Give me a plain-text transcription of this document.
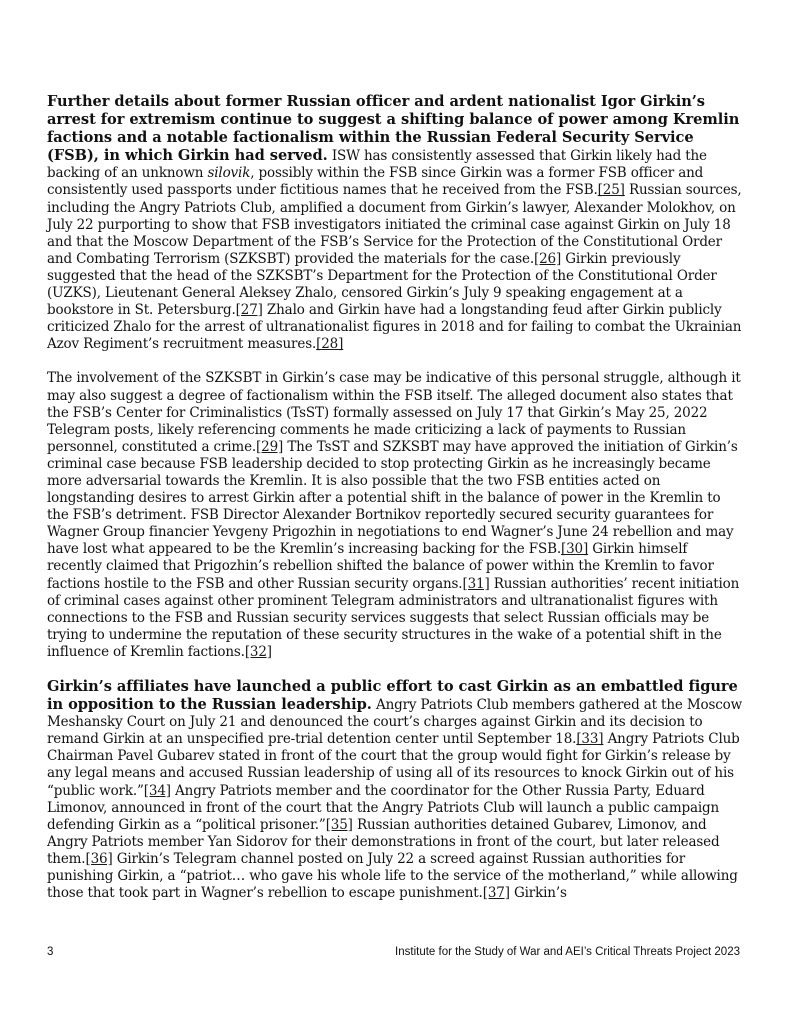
Further details about former Russian officer and ardent nationalist Igor Girkin’s arrest for extremism continue to suggest a shifting balance of power among Kremlin factions and a notable factionalism within the Russian Federal Security Service (FSB), in which Girkin had served. ISW has consistently assessed that Girkin likely had the backing of an unknown silovik, possibly within the FSB since Girkin was a former FSB officer and consistently used passports under fictitious names that he received from the FSB.[25] Russian sources, including the Angry Patriots Club, amplified a document from Girkin’s lawyer, Alexander Molokhov, on July 22 purporting to show that FSB investigators initiated the criminal case against Girkin on July 18 and that the Moscow Department of the FSB’s Service for the Protection of the Constitutional Order and Combating Terrorism (SZKSBT) provided the materials for the case.[26] Girkin previously suggested that the head of the SZKSBT’s Department for the Protection of the Constitutional Order (UZKS), Lieutenant General Aleksey Zhalo, censored Girkin’s July 9 speaking engagement at a bookstore in St. Petersburg.[27] Zhalo and Girkin have had a longstanding feud after Girkin publicly criticized Zhalo for the arrest of ultranationalist figures in 2018 and for failing to combat the Ukrainian Azov Regiment’s recruitment measures.[28]

The involvement of the SZKSBT in Girkin’s case may be indicative of this personal struggle, although it may also suggest a degree of factionalism within the FSB itself. The alleged document also states that the FSB’s Center for Criminalistics (TsST) formally assessed on July 17 that Girkin’s May 25, 2022 Telegram posts, likely referencing comments he made criticizing a lack of payments to Russian personnel, constituted a crime.[29] The TsST and SZKSBT may have approved the initiation of Girkin’s criminal case because FSB leadership decided to stop protecting Girkin as he increasingly became more adversarial towards the Kremlin. It is also possible that the two FSB entities acted on longstanding desires to arrest Girkin after a potential shift in the balance of power in the Kremlin to the FSB’s detriment. FSB Director Alexander Bortnikov reportedly secured security guarantees for Wagner Group financier Yevgeny Prigozhin in negotiations to end Wagner’s June 24 rebellion and may have lost what appeared to be the Kremlin’s increasing backing for the FSB.[30] Girkin himself recently claimed that Prigozhin’s rebellion shifted the balance of power within the Kremlin to favor factions hostile to the FSB and other Russian security organs.[31] Russian authorities’ recent initiation of criminal cases against other prominent Telegram administrators and ultranationalist figures with connections to the FSB and Russian security services suggests that select Russian officials may be trying to undermine the reputation of these security structures in the wake of a potential shift in the influence of Kremlin factions.[32]

Girkin’s affiliates have launched a public effort to cast Girkin as an embattled figure in opposition to the Russian leadership. Angry Patriots Club members gathered at the Moscow Meshansky Court on July 21 and denounced the court’s charges against Girkin and its decision to remand Girkin at an unspecified pre-trial detention center until September 18.[33] Angry Patriots Club Chairman Pavel Gubarev stated in front of the court that the group would fight for Girkin’s release by any legal means and accused Russian leadership of using all of its resources to knock Girkin out of his “public work.”[34] Angry Patriots member and the coordinator for the Other Russia Party, Eduard Limonov, announced in front of the court that the Angry Patriots Club will launch a public campaign defending Girkin as a “political prisoner.”[35] Russian authorities detained Gubarev, Limonov, and Angry Patriots member Yan Sidorov for their demonstrations in front of the court, but later released them.[36] Girkin’s Telegram channel posted on July 22 a screed against Russian authorities for punishing Girkin, a “patriot… who gave his whole life to the service of the motherland,” while allowing those that took part in Wagner’s rebellion to escape punishment.[37] Girkin’s

3	Institute for the Study of War and AEI’s Critical Threats Project 2023
